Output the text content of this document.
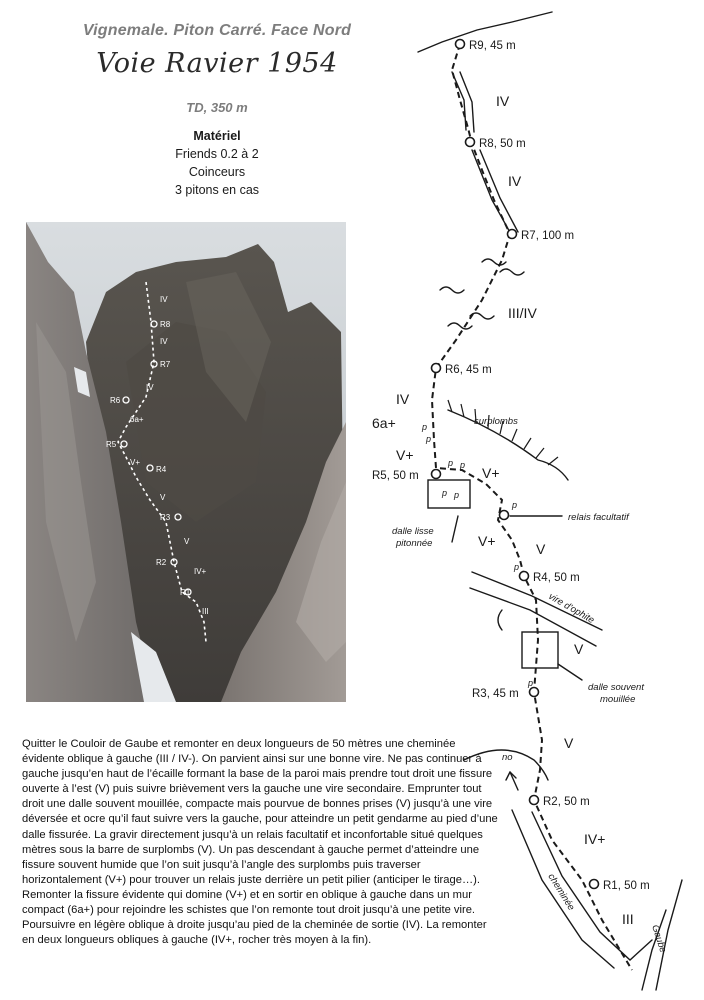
Vignemale. Piton Carré. Face Nord
Voie Ravier 1954
TD, 350 m
Matériel
Friends 0.2 à 2
Coinceurs
3 pitons en cas
IV
R8
IV
R7
IV
R6
6a+
R5
V+
R4
V
R3
V
R2
IV+
R1
III
Quitter le Couloir de Gaube et remonter en deux longueurs de 50 mètres une cheminée évidente oblique à gauche (III / IV-). On parvient ainsi sur une bonne vire. Ne pas continuer à gauche jusqu’en haut de l’écaille formant la base de la paroi mais prendre tout droit une fissure ouverte à l’est (V) puis suivre brièvement vers la gauche une vire secondaire. Emprunter tout droit une dalle souvent mouillée, compacte mais pourvue de bonnes prises (V) jusqu’à une vire déversée et ocre qu’il faut suivre vers la gauche, pour atteindre un petit gendarme au pied d’une dalle fissurée. La gravir directement jusqu’à un relais facultatif et inconfortable situé quelques mètres sous la barre de surplombs (V). Un pas descendant à gauche permet d’atteindre une fissure souvent humide que l’on suit jusqu’à l’angle des surplombs puis traverser horizontalement (V+) pour trouver un relais juste derrière un petit pilier (anticiper le tirage…). Remonter la fissure évidente qui domine (V+) et en sortir en oblique à gauche dans un mur compact (6a+) pour rejoindre les schistes que l’on remonte tout droit jusqu’à une petite vire. Poursuivre en légère oblique à droite jusqu’au pied de la cheminée de sortie (IV). La remonter en deux longueurs obliques à gauche (IV+, rocher très moyen à la fin).
R9, 45 m
R8, 50 m
R7, 100 m
R6, 45 m
R5, 50 m
R4, 50 m
R3, 45 m
R2, 50 m
R1, 50 m
IV
IV
III/IV
IV
6a+
V+
V+
V+	V
V
V
IV+
III
surplombs
relais facultatif
dalle lisse
pitonnée
dalle souvent
mouillée
no
vire d'ophite
cheminée
Gaube
p p
p p
p
p
p
p
p
